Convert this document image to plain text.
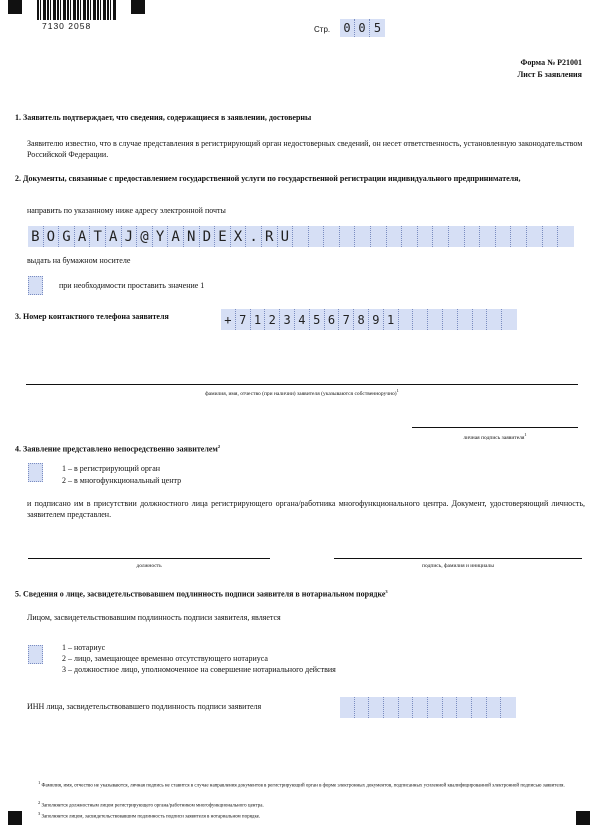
7130 2058	Стр. 0 0 5
Форма № Р21001
Лист Б заявления
1. Заявитель подтверждает, что сведения, содержащиеся в заявлении, достоверны
Заявителю известно, что в случае представления в регистрирующий орган недостоверных сведений, он несет ответственность, установленную законодательством Российской Федерации.
2. Документы, связанные с предоставлением государственной услуги по государственной регистрации индивидуального предпринимателя,
направить по указанному ниже адресу электронной почты
B O G A T A J @ Y A N D E X . R U
выдать на бумажном носителе
при необходимости проставить значение 1
3. Номер контактного телефона заявителя	+ 7 1 2 3 4 5 6 7 8 9 1
фамилия, имя, отчество (при наличии) заявителя (указываются собственноручно)$^1$
личная подпись заявителя$^1$
4. Заявление представлено непосредственно заявителем$^2$
1 – в регистрирующий орган
2 – в многофункциональный центр
и подписано им в присутствии должностного лица регистрирующего органа/работника многофункционального центра. Документ, удостоверяющий личность, заявителем представлен.
должность	подпись, фамилия и инициалы
5. Сведения о лице, засвидетельствовавшем подлинность подписи заявителя в нотариальном порядке$^3$
Лицом, засвидетельствовавшим подлинность подписи заявителя, является
1 – нотариус
2 – лицо, замещающее временно отсутствующего нотариуса
3 – должностное лицо, уполномоченное на совершение нотариального действия
ИНН лица, засвидетельствовавшего подлинность подписи заявителя
$^1$ Фамилия, имя, отчество не указываются, личная подпись не ставится в случае направления документов в регистрирующий орган в форме электронных документов, подписанных усиленной квалифицированной электронной подписью заявителя.
$^2$ Заполняется должностным лицом регистрирующего органа/работником многофункционального центра.
$^3$ Заполняется лицом, засвидетельствовавшим подлинность подписи заявителя в нотариальном порядке.
